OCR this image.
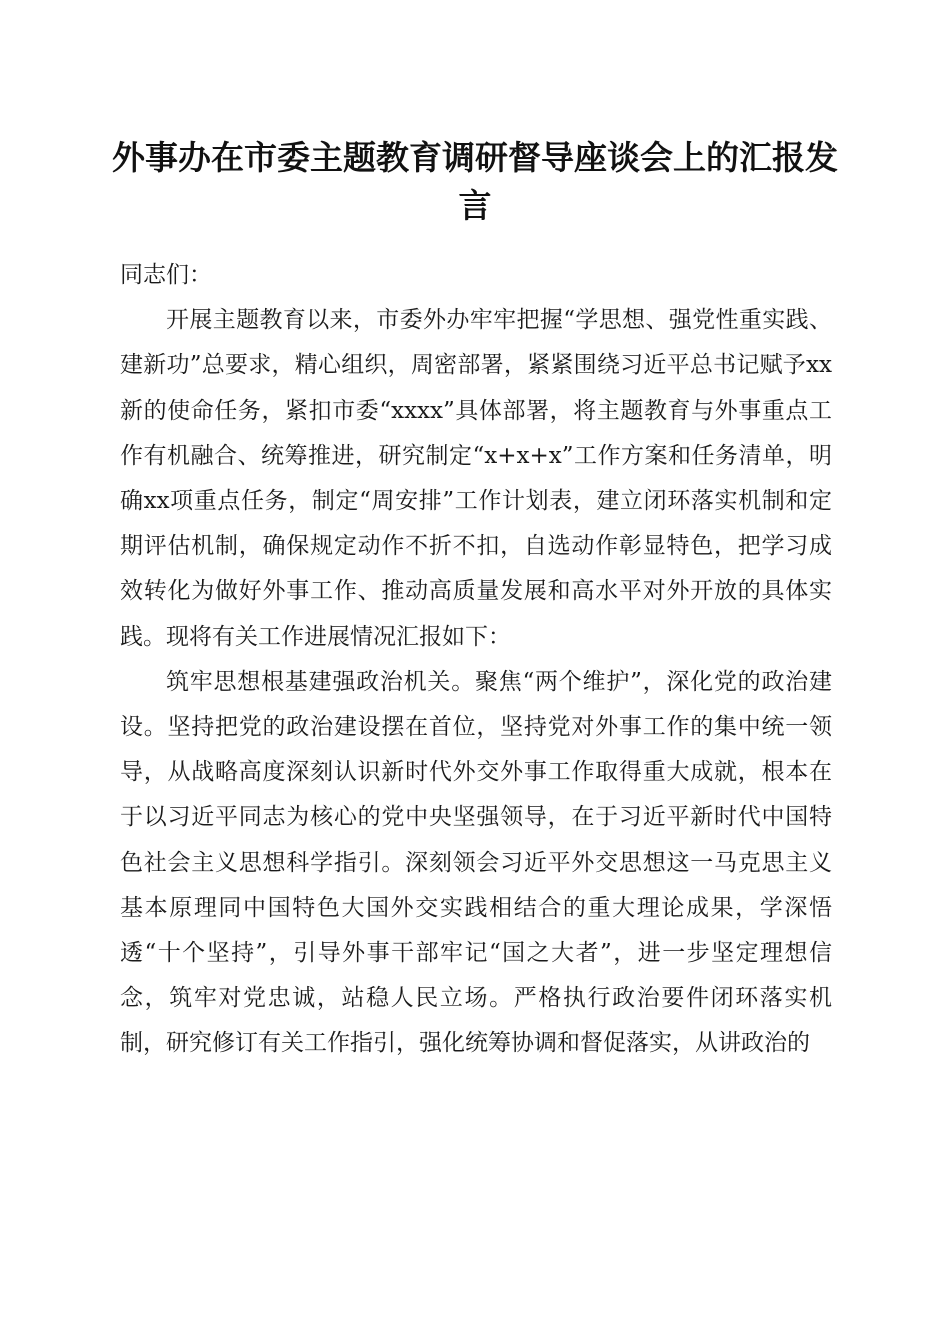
外事办在市委主题教育调研督导座谈会上的汇报发言

同志们：

开展主题教育以来，市委外办牢牢把握“学思想、强党性重实践、建新功”总要求，精心组织，周密部署，紧紧围绕习近平总书记赋予xx新的使命任务，紧扣市委“xxxx”具体部署，将主题教育与外事重点工作有机融合、统筹推进，研究制定“x+x+x”工作方案和任务清单，明确xx项重点任务，制定“周安排”工作计划表，建立闭环落实机制和定期评估机制，确保规定动作不折不扣，自选动作彰显特色，把学习成效转化为做好外事工作、推动高质量发展和高水平对外开放的具体实践。现将有关工作进展情况汇报如下：

筑牢思想根基建强政治机关。聚焦“两个维护”，深化党的政治建设。坚持把党的政治建设摆在首位，坚持党对外事工作的集中统一领导，从战略高度深刻认识新时代外交外事工作取得重大成就，根本在于以习近平同志为核心的党中央坚强领导，在于习近平新时代中国特色社会主义思想科学指引。深刻领会习近平外交思想这一马克思主义基本原理同中国特色大国外交实践相结合的重大理论成果，学深悟透“十个坚持”，引导外事干部牢记“国之大者”，进一步坚定理想信念，筑牢对党忠诚，站稳人民立场。严格执行政治要件闭环落实机制，研究修订有关工作指引，强化统筹协调和督促落实，从讲政治的
